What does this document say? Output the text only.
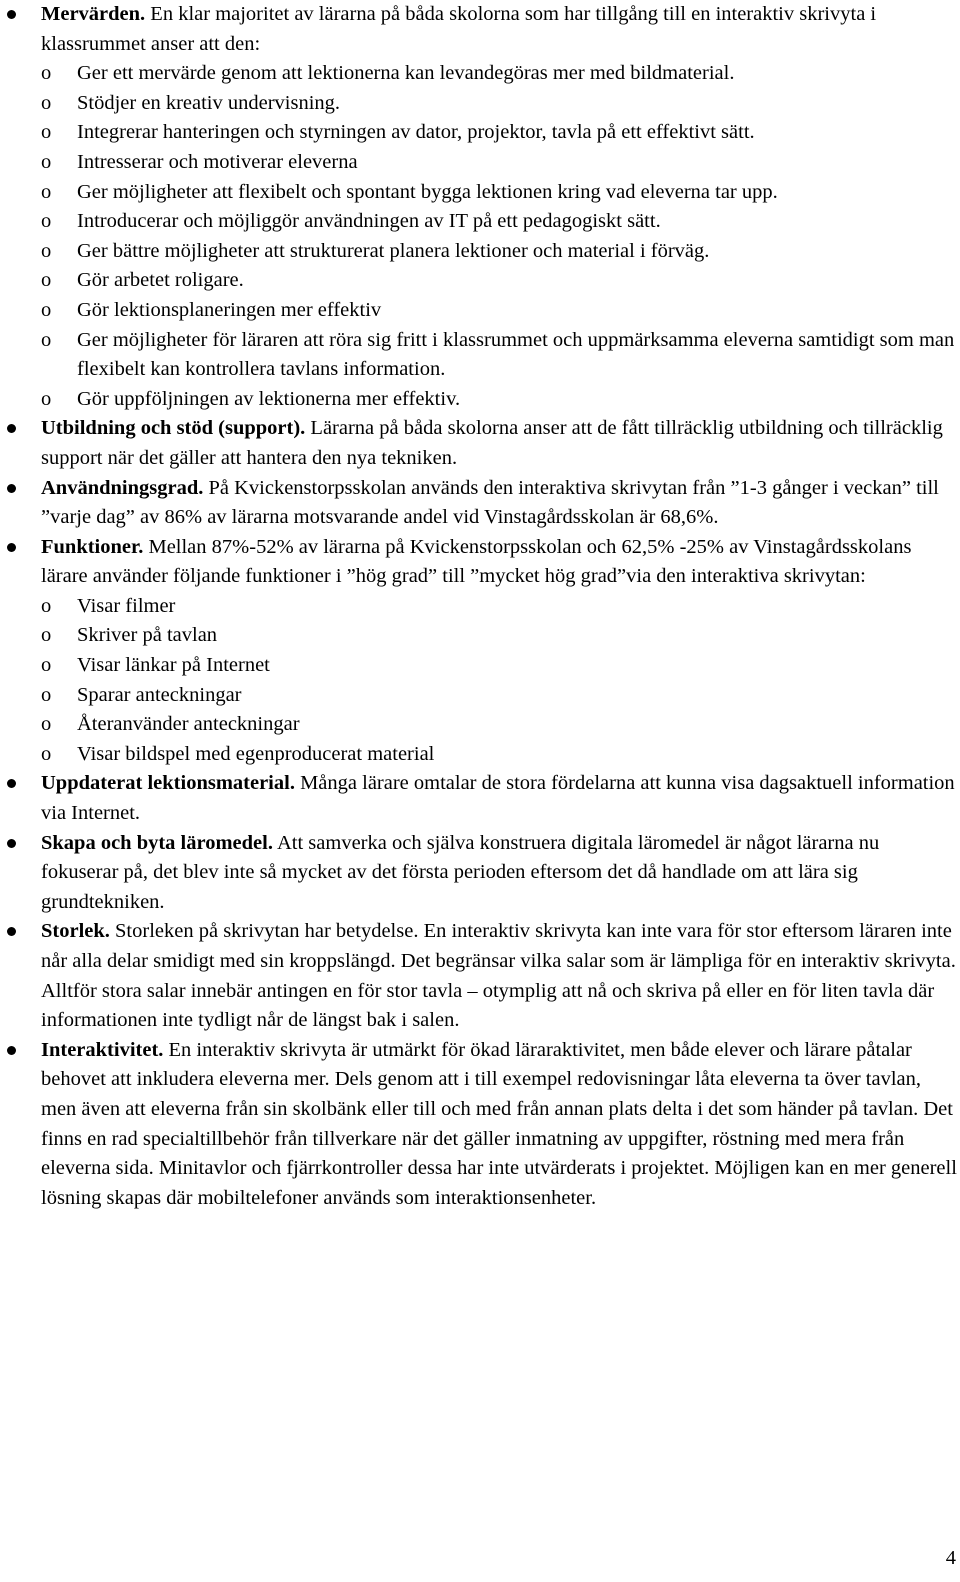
Mervärden. En klar majoritet av lärarna på båda skolorna som har tillgång till en interaktiv skrivyta i klassrummet anser att den:
o Ger ett mervärde genom att lektionerna kan levandegöras mer med bildmaterial.
o Stödjer en kreativ undervisning.
o Integrerar hanteringen och styrningen av dator, projektor, tavla på ett effektivt sätt.
o Intresserar och motiverar eleverna
o Ger möjligheter att flexibelt och spontant bygga lektionen kring vad eleverna tar upp.
o Introducerar och möjliggör användningen av IT på ett pedagogiskt sätt.
o Ger bättre möjligheter att strukturerat planera lektioner och material i förväg.
o Gör arbetet roligare.
o Gör lektionsplaneringen mer effektiv
o Ger möjligheter för läraren att röra sig fritt i klassrummet och uppmärksamma eleverna samtidigt som man flexibelt kan kontrollera tavlans information.
o Gör uppföljningen av lektionerna mer effektiv.
Utbildning och stöd (support). Lärarna på båda skolorna anser att de fått tillräcklig utbildning och tillräcklig support när det gäller att hantera den nya tekniken.
Användningsgrad. På Kvickenstorpsskolan används den interaktiva skrivytan från ”1-3 gånger i veckan” till ”varje dag” av 86% av lärarna motsvarande andel vid Vinstagårdsskolan är 68,6%.
Funktioner. Mellan 87%-52% av lärarna på Kvickenstorpsskolan och 62,5% -25% av Vinstagårdsskolans lärare använder följande funktioner i ”hög grad” till ”mycket hög grad”via den interaktiva skrivytan:
o Visar filmer
o Skriver på tavlan
o Visar länkar på Internet
o Sparar anteckningar
o Återanvänder anteckningar
o Visar bildspel med egenproducerat material
Uppdaterat lektionsmaterial. Många lärare omtalar de stora fördelarna att kunna visa dagsaktuell information via Internet.
Skapa och byta läromedel. Att samverka och själva konstruera digitala läromedel är något lärarna nu fokuserar på, det blev inte så mycket av det första perioden eftersom det då handlade om att lära sig grundtekniken.
Storlek. Storleken på skrivytan har betydelse. En interaktiv skrivyta kan inte vara för stor eftersom läraren inte når alla delar smidigt med sin kroppslängd. Det begränsar vilka salar som är lämpliga för en interaktiv skrivyta. Alltför stora salar innebär antingen en för stor tavla – otymplig att nå och skriva på eller en för liten tavla där informationen inte tydligt når de längst bak i salen.
Interaktivitet. En interaktiv skrivyta är utmärkt för ökad läraraktivitet, men både elever och lärare påtalar behovet att inkludera eleverna mer. Dels genom att i till exempel redovisningar låta eleverna ta över tavlan, men även att eleverna från sin skolbänk eller till och med från annan plats delta i det som händer på tavlan. Det finns en rad specialtillbehör från tillverkare när det gäller inmatning av uppgifter, röstning med mera från eleverna sida. Minitavlor och fjärrkontroller dessa har inte utvärderats i projektet. Möjligen kan en mer generell lösning skapas där mobiltelefoner används som interaktionsenheter.
4
